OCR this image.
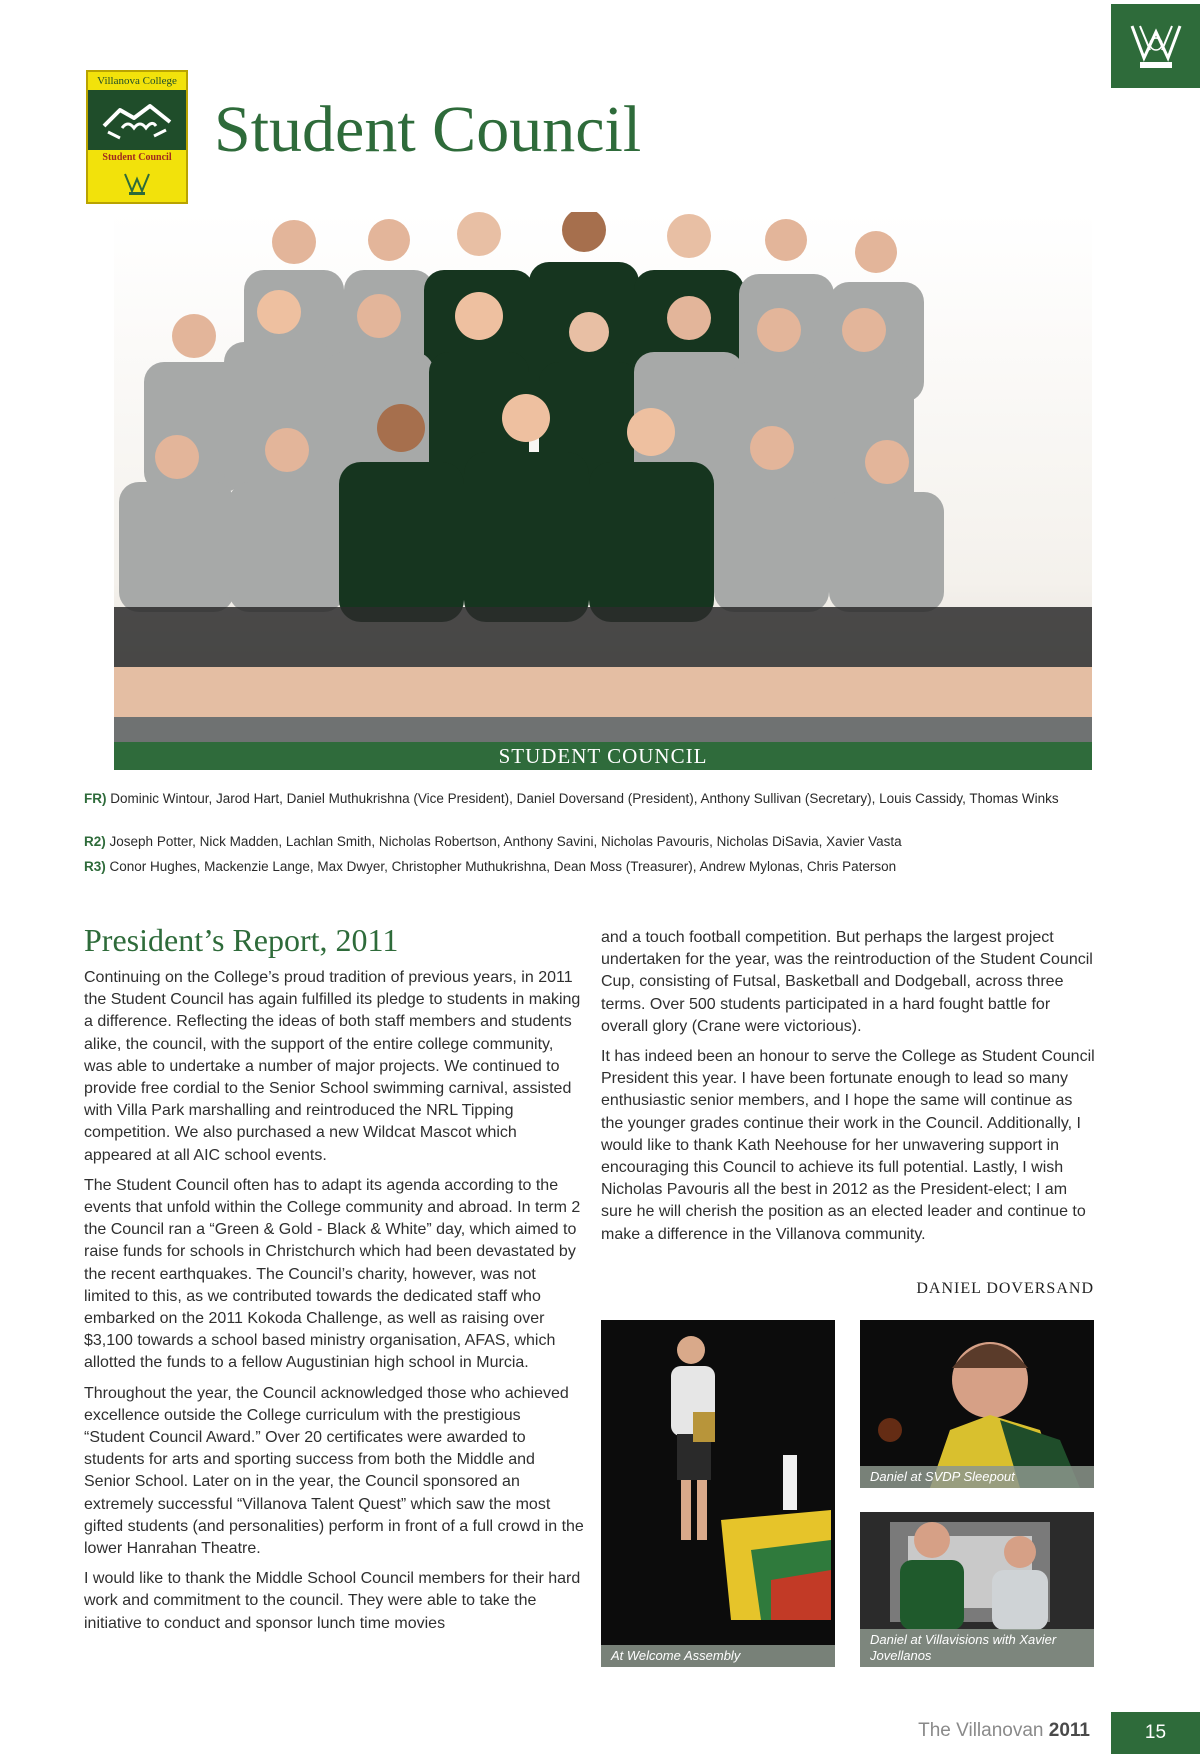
Villanova College
Student Council Student Council
STUDENT COUNCIL

FR) Dominic Wintour, Jarod Hart, Daniel Muthukrishna (Vice President), Daniel Doversand (President), Anthony Sullivan (Secretary), Louis Cassidy, Thomas Winks

R2) Joseph Potter, Nick Madden, Lachlan Smith, Nicholas Robertson, Anthony Savini, Nicholas Pavouris, Nicholas DiSavia, Xavier Vasta

R3) Conor Hughes, Mackenzie Lange, Max Dwyer, Christopher Muthukrishna, Dean Moss (Treasurer), Andrew Mylonas, Chris Paterson

President’s Report, 2011

Continuing on the College’s proud tradition of previous years, in 2011 the Student Council has again fulfilled its pledge to students in making a difference. Reflecting the ideas of both staff members and students alike, the council, with the support of the entire college community, was able to undertake a number of major projects. We continued to provide free cordial to the Senior School swimming carnival, assisted with Villa Park marshalling and reintroduced the NRL Tipping competition. We also purchased a new Wildcat Mascot which appeared at all AIC school events.

The Student Council often has to adapt its agenda according to the events that unfold within the College community and abroad. In term 2 the Council ran a “Green & Gold - Black & White” day, which aimed to raise funds for schools in Christchurch which had been devastated by the recent earthquakes. The Council’s charity, however, was not limited to this, as we contributed towards the dedicated staff who embarked on the 2011 Kokoda Challenge, as well as raising over $3,100 towards a school based ministry organisation, AFAS, which allotted the funds to a fellow Augustinian high school in Murcia.

Throughout the year, the Council acknowledged those who achieved excellence outside the College curriculum with the prestigious “Student Council Award.” Over 20 certificates were awarded to students for arts and sporting success from both the Middle and Senior School. Later on in the year, the Council sponsored an extremely successful “Villanova Talent Quest” which saw the most gifted students (and personalities) perform in front of a full crowd in the lower Hanrahan Theatre.

I would like to thank the Middle School Council members for their hard work and commitment to the council. They were able to take the initiative to conduct and sponsor lunch time movies

and a touch football competition. But perhaps the largest project undertaken for the year, was the reintroduction of the Student Council Cup, consisting of Futsal, Basketball and Dodgeball, across three terms. Over 500 students participated in a hard fought battle for overall glory (Crane were victorious).

It has indeed been an honour to serve the College as Student Council President this year. I have been fortunate enough to lead so many enthusiastic senior members, and I hope the same will continue as the younger grades continue their work in the Council. Additionally, I would like to thank Kath Neehouse for her unwavering support in encouraging this Council to achieve its full potential. Lastly, I wish Nicholas Pavouris all the best in 2012 as the President-elect; I am sure he will cherish the position as an elected leader and continue to make a difference in the Villanova community.

DANIEL DOVERSAND
At Welcome Assembly
Daniel at SVDP Sleepout
Daniel at Villavisions with Xavier Jovellanos
The Villanovan 2011	15
